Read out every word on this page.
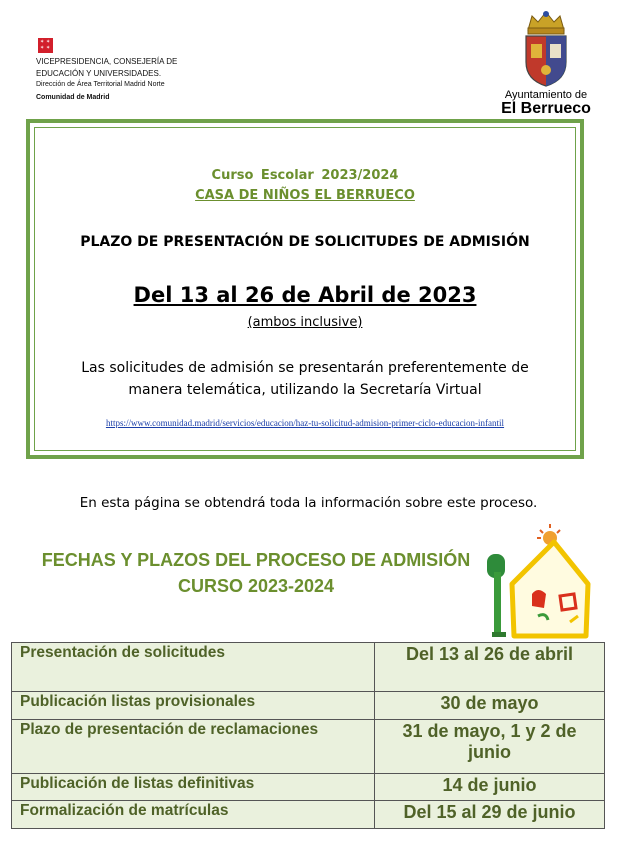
✶ ✶
✶ ✶
VICEPRESIDENCIA, CONSEJERÍA DE
EDUCACIÓN Y UNIVERSIDADES.
Dirección de Área Territorial Madrid Norte
Comunidad de Madrid	Ayuntamiento de
El Berrueco
Curso Escolar 2023/2024
CASA DE NIÑOS EL BERRUECO
PLAZO DE PRESENTACIÓN DE SOLICITUDES DE ADMISIÓN
Del 13 al 26 de Abril de 2023
(ambos inclusive)
Las solicitudes de admisión se presentarán preferentemente de
manera telemática, utilizando la Secretaría Virtual
https://www.comunidad.madrid/servicios/educacion/haz-tu-solicitud-admision-primer-ciclo-educacion-infantil
En esta página se obtendrá toda la información sobre este proceso.
FECHAS Y PLAZOS DEL PROCESO DE ADMISIÓN
CURSO 2023-2024
Presentación de solicitudes	Del 13 al 26 de abril
Publicación listas provisionales	30 de mayo
Plazo de presentación de reclamaciones	31 de mayo, 1 y 2 de junio
Publicación de listas definitivas	14 de junio
Formalización de matrículas	Del 15 al 29 de junio
